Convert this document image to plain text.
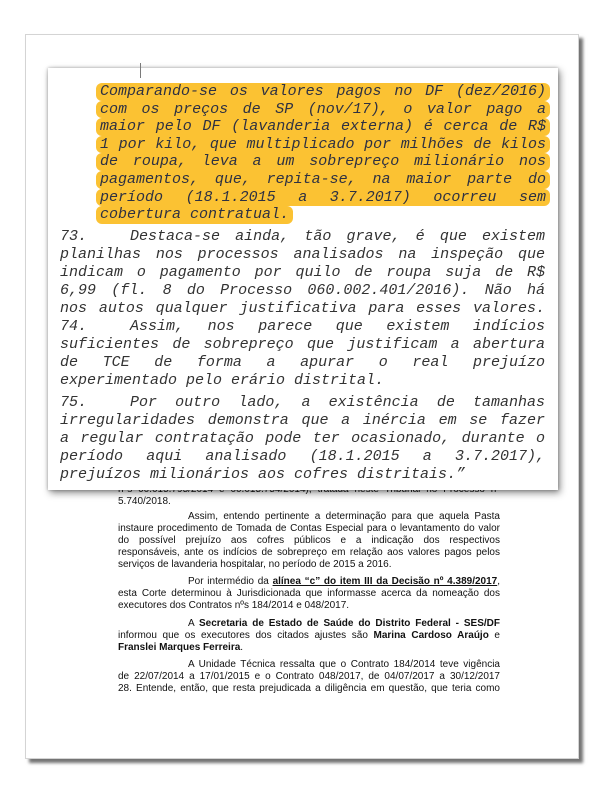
5.740/2018.
Assim, entendo pertinente a determinação para que aquela Pasta
instaure procedimento de Tomada de Contas Especial para o levantamento do valor
do possível prejuízo aos cofres públicos e a indicação dos respectivos
responsáveis, ante os indícios de sobrepreço em relação aos valores pagos pelos
serviços de lavanderia hospitalar, no período de 2015 a 2016.
Por intermédio da alínea “c” do item III da Decisão nº 4.389/2017,
esta Corte determinou à Jurisdicionada que informasse acerca da nomeação dos
executores dos Contratos nºs 184/2014 e 048/2017.
A Secretaria de Estado de Saúde do Distrito Federal - SES/DF
informou que os executores dos citados ajustes são Marina Cardoso Araújo e
Franslei Marques Ferreira.
A Unidade Técnica ressalta que o Contrato 184/2014 teve vigência
de 22/07/2014 a 17/01/2015 e o Contrato 048/2017, de 04/07/2017 a 30/12/2017
28. Entende, então, que resta prejudicada a diligência em questão, que teria como
Comparando-se os valores pagos no DF (dez/2016)
com os preços de SP (nov/17), o valor pago a
maior pelo DF (lavanderia externa) é cerca de R$
1 por kilo, que multiplicado por milhões de kilos
de roupa, leva a um sobrepreço milionário nos
pagamentos, que, repita-se, na maior parte do
período (18.1.2015 a 3.7.2017) ocorreu sem
cobertura contratual.
73.	Destaca-se ainda, tão grave, é que existem
planilhas nos processos analisados na inspeção que
indicam o pagamento por quilo de roupa suja de R$
6,99 (fl. 8 do Processo 060.002.401/2016). Não há
nos autos qualquer justificativa para esses valores.
74.	Assim, nos parece que existem indícios
suficientes de sobrepreço que justificam a abertura
de TCE de forma a apurar o real prejuízo
experimentado pelo erário distrital.
75.	Por outro lado, a existência de tamanhas
irregularidades demonstra que a inércia em se fazer
a regular contratação pode ter ocasionado, durante o
período aqui analisado (18.1.2015 a 3.7.2017),
prejuízos milionários aos cofres distritais.”
